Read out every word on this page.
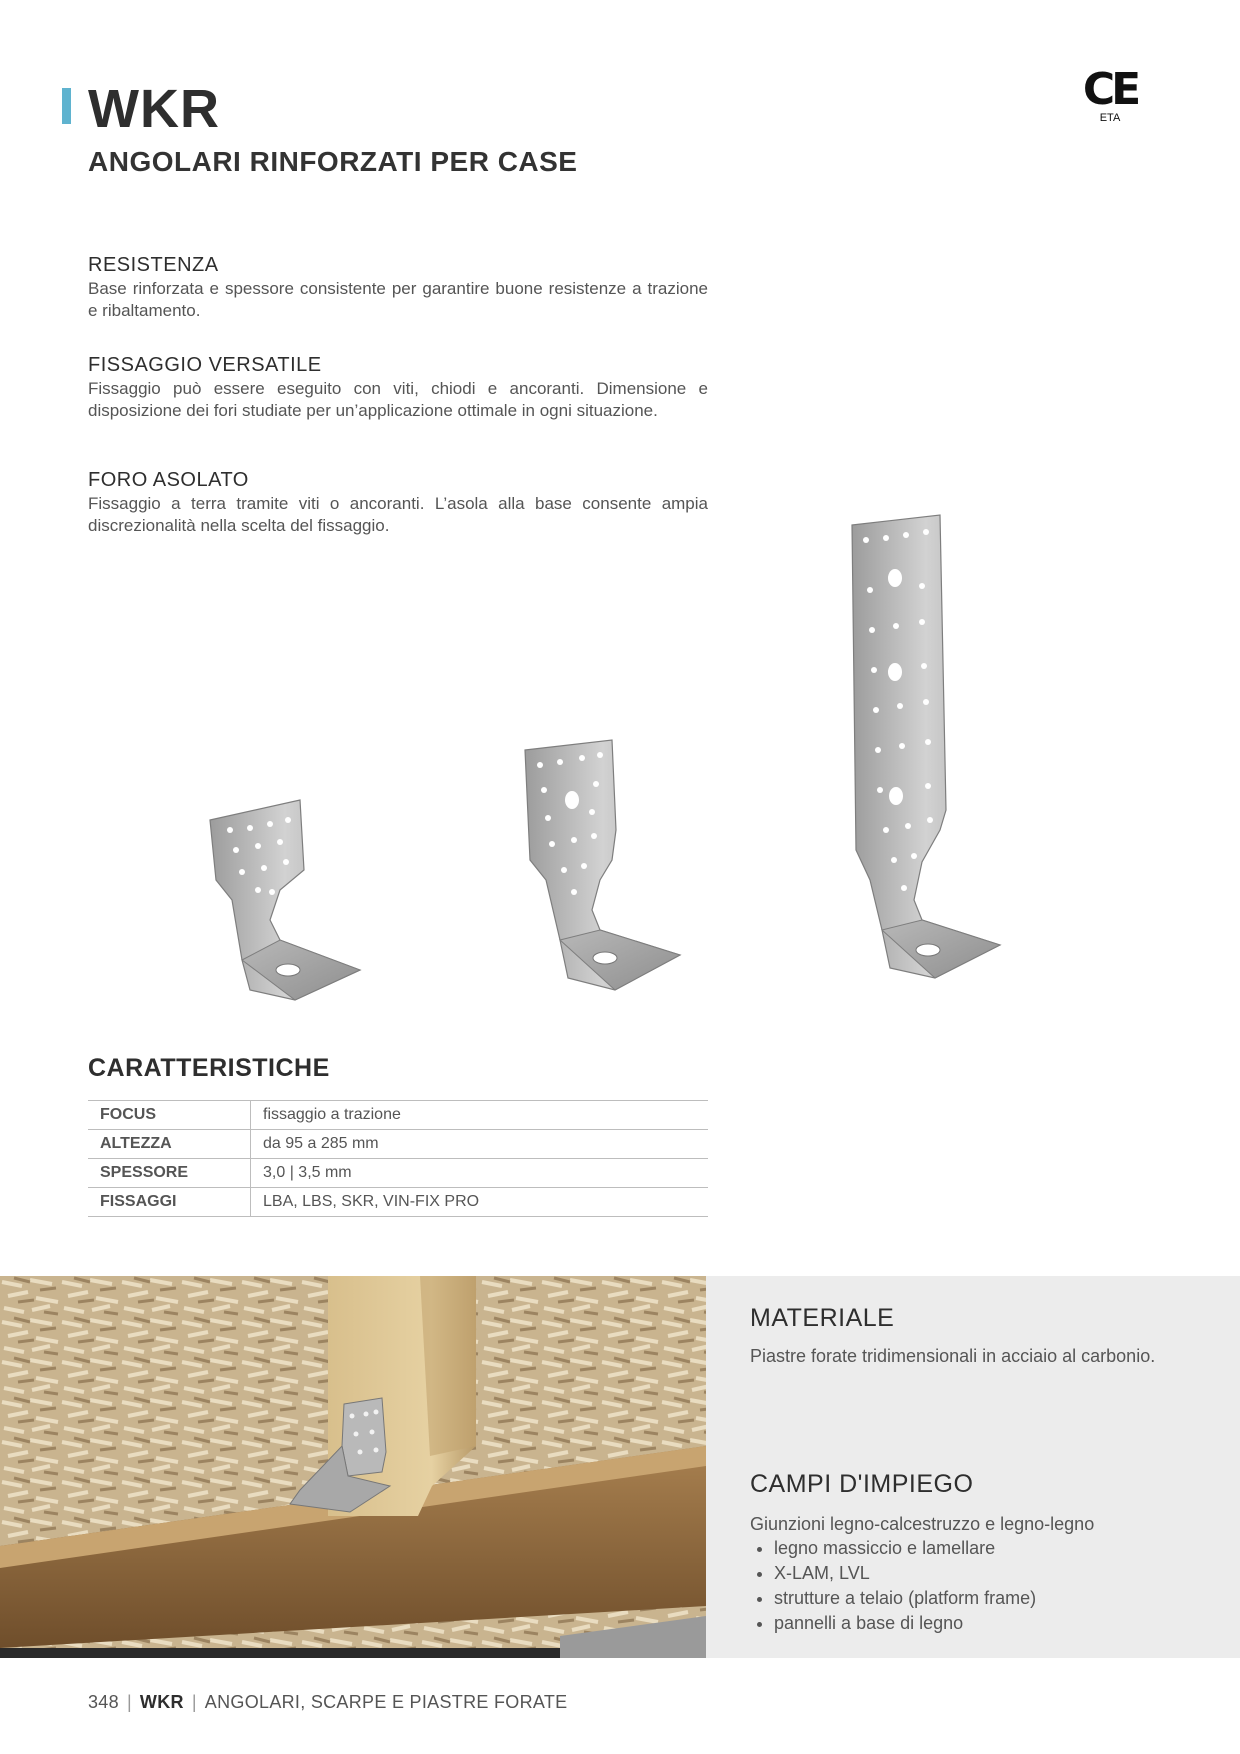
WKR
ANGOLARI RINFORZATI PER CASE
CE
ETA
RESISTENZA

Base rinforzata e spessore consistente per garantire buone resistenze a trazione e ribaltamento.

FISSAGGIO VERSATILE

Fissaggio può essere eseguito con viti, chiodi e ancoranti. Dimensione e disposizione dei fori studiate per un’applicazione ottimale in ogni situazione.

FORO ASOLATO

Fissaggio a terra tramite viti o ancoranti. L’asola alla base consente ampia discrezionalità nella scelta del fissaggio.

CARATTERISTICHE
FOCUS	fissaggio a trazione
ALTEZZA	da 95 a 285 mm
SPESSORE	3,0 | 3,5 mm
FISSAGGI	LBA, LBS, SKR, VIN-FIX PRO
MATERIALE

Piastre forate tridimensionali in acciaio al carbonio.

CAMPI D'IMPIEGO

Giunzioni legno-calcestruzzo e legno-legno

• legno massiccio e lamellare
• X-LAM, LVL
• strutture a telaio (platform frame)
• pannelli a base di legno
348 | WKR | ANGOLARI, SCARPE E PIASTRE FORATE
